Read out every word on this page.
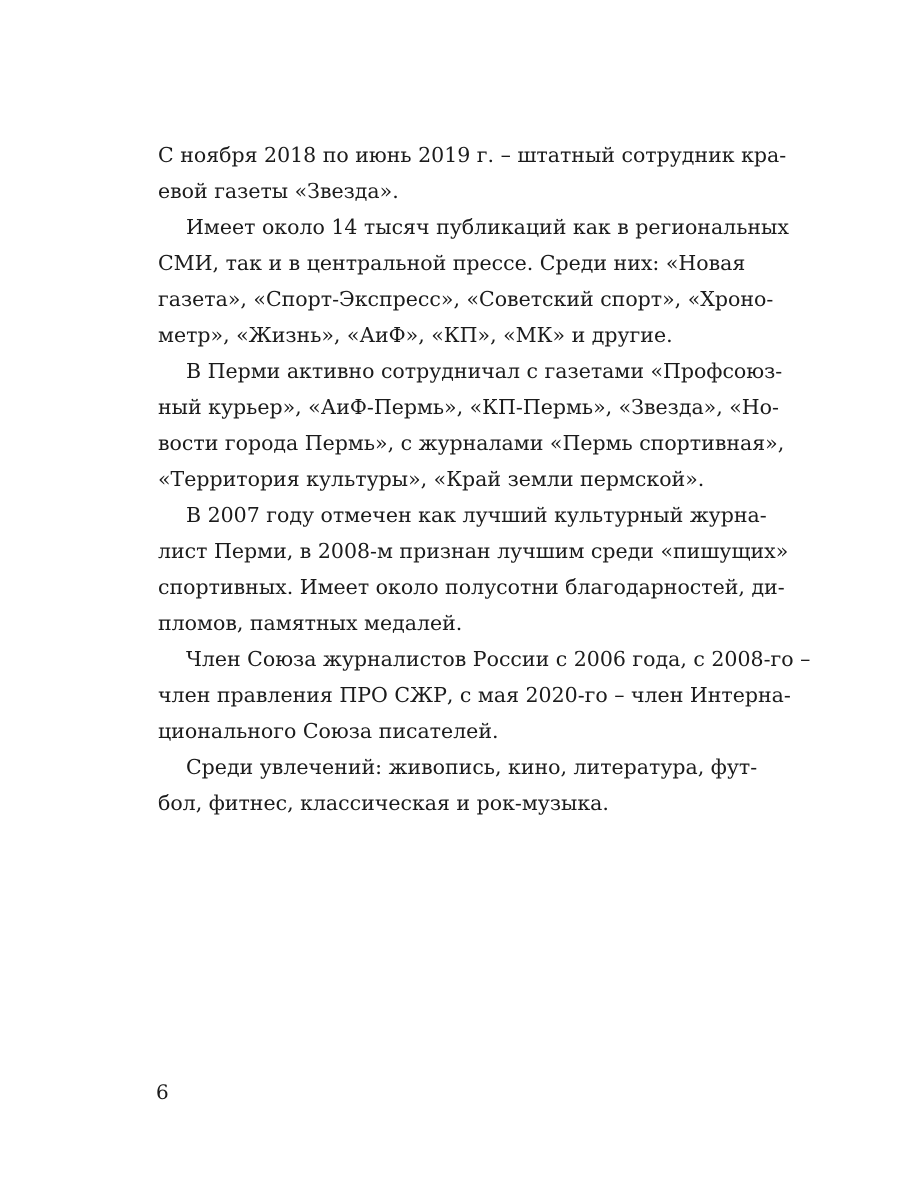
С ноября 2018 по июнь 2019 г. – штатный сотрудник кра-
евой газеты «Звезда».
Имеет около 14 тысяч публикаций как в региональных
СМИ, так и в центральной прессе. Среди них: «Новая
газета», «Спорт-Экспресс», «Советский спорт», «Хроно-
метр», «Жизнь», «АиФ», «КП», «МК» и другие.
В Перми активно сотрудничал с газетами «Профсоюз-
ный курьер», «АиФ-Пермь», «КП-Пермь», «Звезда», «Но-
вости города Пермь», с журналами «Пермь спортивная»,
«Территория культуры», «Край земли пермской».
В 2007 году отмечен как лучший культурный журна-
лист Перми, в 2008-м признан лучшим среди «пишущих»
спортивных. Имеет около полусотни благодарностей, ди-
пломов, памятных медалей.
Член Союза журналистов России с 2006 года, с 2008-го –
член правления ПРО СЖР, с мая 2020-го – член Интерна-
ционального Союза писателей.
Среди увлечений: живопись, кино, литература, фут-
бол, фитнес, классическая и рок-музыка.
6
